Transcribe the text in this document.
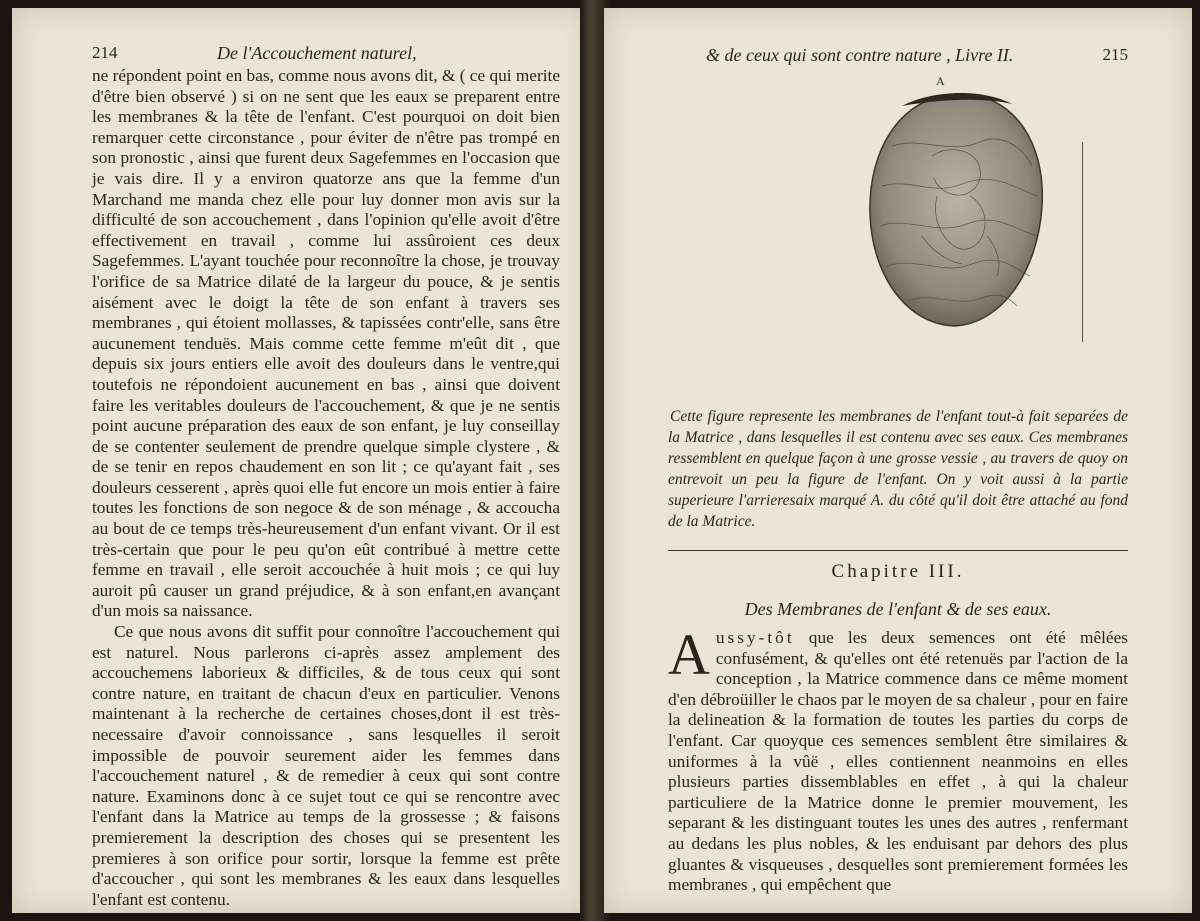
214	De l'Accouchement naturel,

ne répondent point en bas, comme nous avons dit, & ( ce qui merite d'être bien observé ) si on ne sent que les eaux se preparent entre les membranes & la tête de l'enfant. C'est pourquoi on doit bien remarquer cette circonstance , pour éviter de n'être pas trompé en son pronostic , ainsi que furent deux Sagefemmes en l'occasion que je vais dire. Il y a environ quatorze ans que la femme d'un Marchand me manda chez elle pour luy donner mon avis sur la difficulté de son accouchement , dans l'opinion qu'elle avoit d'être effectivement en travail , comme lui assûroient ces deux Sagefemmes. L'ayant touchée pour reconnoître la chose, je trouvay l'orifice de sa Matrice dilaté de la largeur du pouce, & je sentis aisément avec le doigt la tête de son enfant à travers ses membranes , qui étoient mollasses, & tapissées contr'elle, sans être aucunement tenduës. Mais comme cette femme m'eût dit , que depuis six jours entiers elle avoit des douleurs dans le ventre,qui toutefois ne répondoient aucunement en bas , ainsi que doivent faire les veritables douleurs de l'accouchement, & que je ne sentis point aucune préparation des eaux de son enfant, je luy conseillay de se contenter seulement de prendre quelque simple clystere , & de se tenir en repos chaudement en son lit ; ce qu'ayant fait , ses douleurs cesserent , après quoi elle fut encore un mois entier à faire toutes les fonctions de son negoce & de son ménage , & accoucha au bout de ce temps très-heureusement d'un enfant vivant. Or il est très-certain que pour le peu qu'on eût contribué à mettre cette femme en travail , elle seroit accouchée à huit mois ; ce qui luy auroit pû causer un grand préjudice, & à son enfant,en avançant d'un mois sa naissance.

Ce que nous avons dit suffit pour connoître l'accouchement qui est naturel. Nous parlerons ci-après assez amplement des accouchemens laborieux & difficiles, & de tous ceux qui sont contre nature, en traitant de chacun d'eux en particulier. Venons maintenant à la recherche de certaines choses,dont il est très-necessaire d'avoir connoissance , sans lesquelles il seroit impossible de pouvoir seurement aider les femmes dans l'accouchement naturel , & de remedier à ceux qui sont contre nature. Examinons donc à ce sujet tout ce qui se rencontre avec l'enfant dans la Matrice au temps de la grossesse ; & faisons premierement la description des choses qui se presentent les premieres à son orifice pour sortir, lorsque la femme est prête d'accoucher , qui sont les membranes & les eaux dans lesquelles l'enfant est contenu.

& de ceux qui sont contre nature , Livre II.	215
A

Cette figure represente les membranes de l'enfant tout-à fait separées de la Matrice , dans lesquelles il est contenu avec ses eaux. Ces membranes ressemblent en quelque façon à une grosse vessie , au travers de quoy on entrevoit un peu la figure de l'enfant. On y voit aussi à la partie superieure l'arrieresaix marqué A. du côté qu'il doit être attaché au fond de la Matrice.

Chapitre III.
Des Membranes de l'enfant & de ses eaux.
A ussy-tôt que les deux semences ont été mêlées confusément, & qu'elles ont été retenuës par l'action de la conception , la Matrice commence dans ce même moment d'en débroüiller le chaos par le moyen de sa chaleur , pour en faire la delineation & la formation de toutes les parties du corps de l'enfant. Car quoyque ces semences semblent être similaires & uniformes à la vûë , elles contiennent neanmoins en elles plusieurs parties dissemblables en effet , à qui la chaleur particuliere de la Matrice donne le premier mouvement, les separant & les distinguant toutes les unes des autres , renfermant au dedans les plus nobles, & les enduisant par dehors des plus gluantes & visqueuses , desquelles sont premierement formées les membranes , qui empêchent que
